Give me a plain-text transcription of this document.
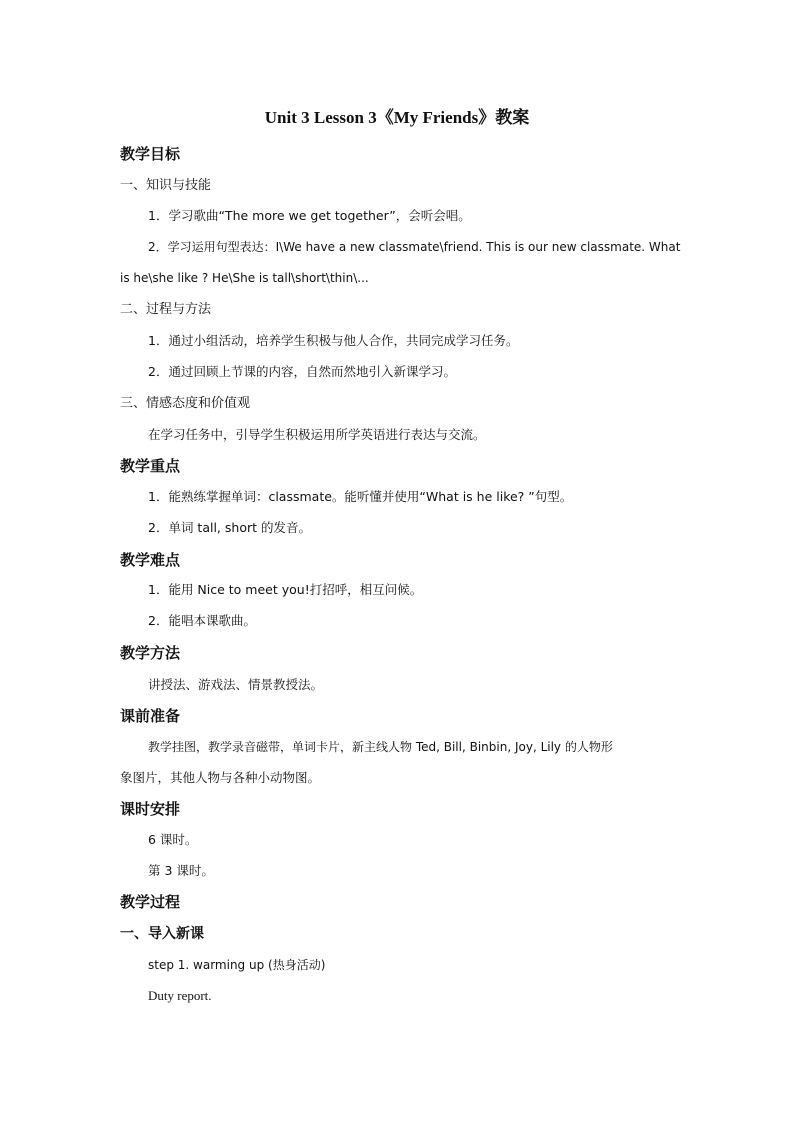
Unit 3 Lesson 3《My Friends》教案
教学目标
一、知识与技能
1．学习歌曲“The more we get together”，会听会唱。
2．学习运用句型表达：I\We have a new classmate\friend. This is our new classmate. What
is he\she like ? He\She is tall\short\thin\...
二、过程与方法
1．通过小组活动，培养学生积极与他人合作，共同完成学习任务。
2．通过回顾上节课的内容，自然而然地引入新课学习。
三、情感态度和价值观
在学习任务中，引导学生积极运用所学英语进行表达与交流。
教学重点
1．能熟练掌握单词：classmate。能听懂并使用“What is he like? ”句型。
2．单词 tall, short 的发音。
教学难点
1．能用 Nice to meet you!打招呼，相互问候。
2．能唱本课歌曲。
教学方法
讲授法、游戏法、情景教授法。
课前准备
教学挂图，教学录音磁带，单词卡片，新主线人物 Ted, Bill, Binbin, Joy, Lily 的人物形
象图片，其他人物与各种小动物图。
课时安排
6 课时。
第 3 课时。
教学过程
一、导入新课
step 1. warming up (热身活动)
Duty report.
